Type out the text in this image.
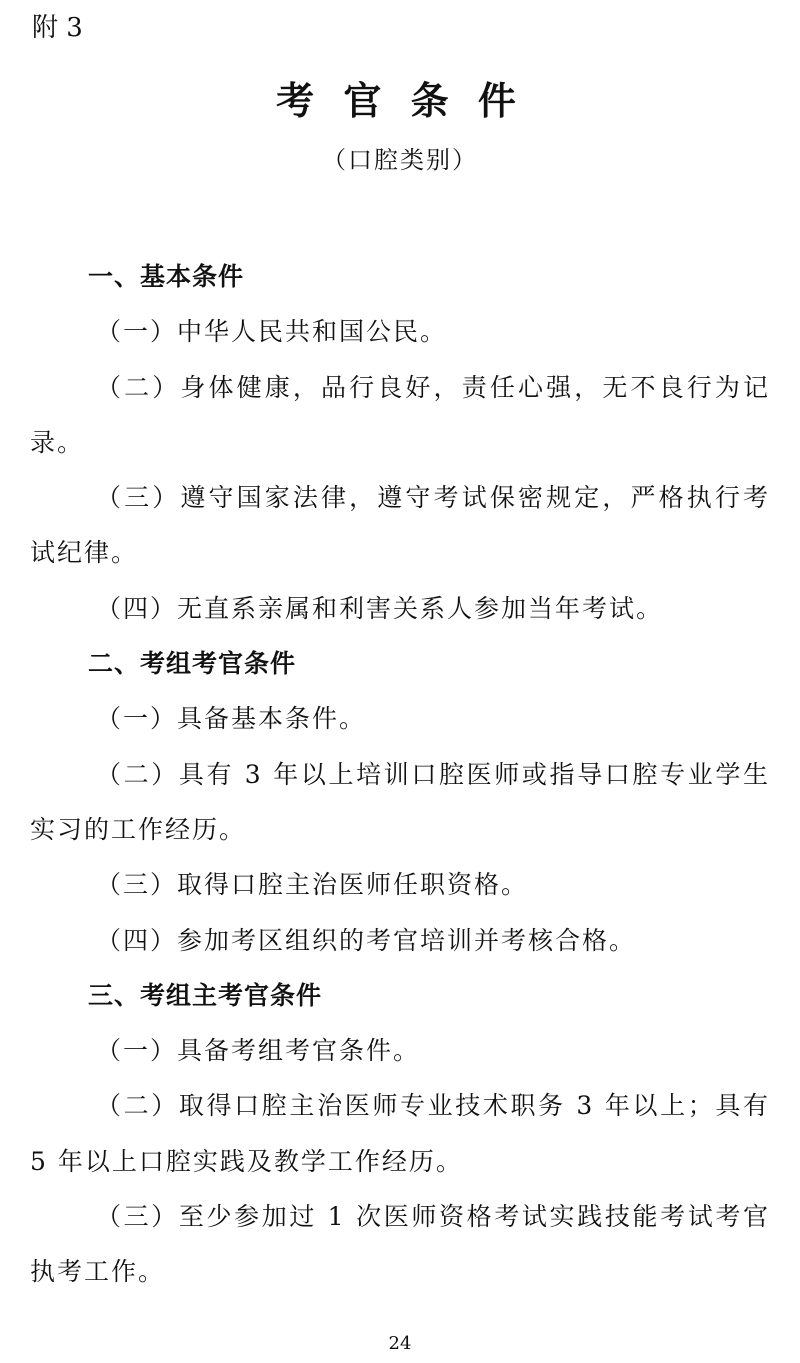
附 3
考 官 条 件
（口腔类别）

一、基本条件

（一）中华人民共和国公民。

（二）身体健康，品行良好，责任心强，无不良行为记录。

（三）遵守国家法律，遵守考试保密规定，严格执行考试纪律。

（四）无直系亲属和利害关系人参加当年考试。

二、考组考官条件

（一）具备基本条件。

（二）具有 3 年以上培训口腔医师或指导口腔专业学生实习的工作经历。

（三）取得口腔主治医师任职资格。

（四）参加考区组织的考官培训并考核合格。

三、考组主考官条件

（一）具备考组考官条件。

（二）取得口腔主治医师专业技术职务 3 年以上；具有 5 年以上口腔实践及教学工作经历。

（三）至少参加过 1 次医师资格考试实践技能考试考官执考工作。

24
